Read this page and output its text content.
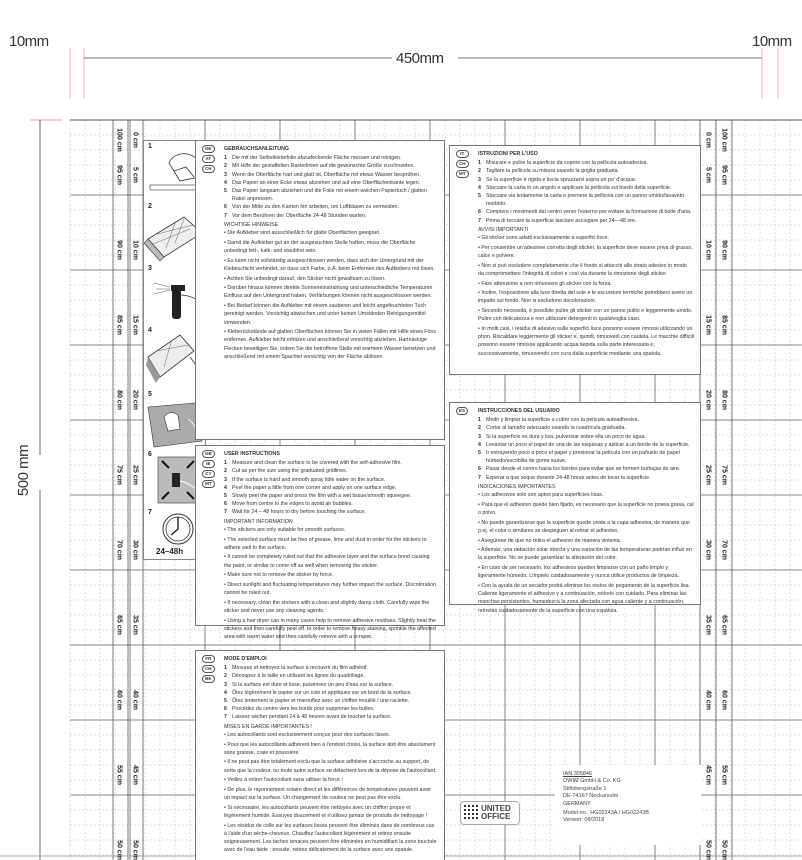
10mm
450mm
10mm
500 mm
100 cm
95 cm
90 cm
85 cm
80 cm
75 cm
70 cm
65 cm
60 cm
55 cm
50 cm
0 cm
5 cm
10 cm
15 cm
20 cm
25 cm
30 cm
35 cm
40 cm
45 cm
50 cm
0 cm
5 cm
10 cm
15 cm
20 cm
25 cm
30 cm
35 cm
40 cm
45 cm
50 cm
100 cm
95 cm
90 cm
85 cm
80 cm
75 cm
70 cm
65 cm
60 cm
55 cm
50 cm
1
2
3
4
5
6
7
24–48h
DE
AT
CH
GEBRAUCHSANLEITUNG
1 Die mit der Selbstklebefolie abzudeckende Fläche messen und reinigen.
2 Mit Hilfe der gestaffelten Rasterlinien auf die gewünschte Größe zuschneiden.
3 Wenn die Oberfläche hart und glatt ist, Oberfläche mit etwas Wasser besprühen.
4 Das Papier an einer Ecke etwas abziehen und auf eine Oberflächenkante legen.
5 Das Papier langsam abziehen und die Folie mit einem weichen Papiertuch / glatten Rakel anpressen.
6 Von der Mitte zu den Kanten hin arbeiten, um Luftblasen zu vermeiden.
7 Vor dem Berühren der Oberfläche 24-48 Stunden warten.
WICHTIGE HINWEISE

• Die Aufkleber sind ausschließlich für glatte Oberflächen geeignet.

• Damit die Aufkleber gut an der ausgesuchten Stelle haften, muss die Oberfläche unbedingt fett-, kalk- und staubfrei sein.

• Es kann nicht vollständig ausgeschlossen werden, dass sich der Untergrund mit der Klebeschicht verbindet, so dass sich Farbe, o.Ä. beim Entfernen des Aufklebers mit lösen.

• Achten Sie unbedingt darauf, den Sticker nicht gewaltsam zu lösen.

• Darüber hinaus können direkte Sonneneinstrahlung und unterschiedliche Temperaturen Einfluss auf den Untergrund haben. Verfärbungen können nicht ausgeschlossen werden.

• Bei Bedarf können die Aufkleber mit einem sauberen und leicht angefeuchteten Tuch gereinigt werden. Vorsichtig abwischen und unter keinen Umständen Reinigungsmittel verwenden.

• Kleberückstände auf glatten Oberflächen können Sie in vielen Fällen mit Hilfe eines Föns entfernen. Aufkleber leicht erhitzen und anschließend vorsichtig abziehen. Hartnäckige Flecken beseitigen Sie, indem Sie die betroffene Stelle mit warmem Wasser benetzen und anschließend mit einem Spachtel vorsichtig von der Fläche ablösen.

IT
CH
MT
ISTRUZIONI PER L'USO
1 Misurare e pulire la superficie da coprire con la pellicola autoadesiva.
2 Tagliare la pellicola su misura usando la griglia graduata.
3 Se la superficie è rigida e liscia spruzzarvi sopra un po' d'acqua.
4 Staccare la carta in un angolo e applicare la pellicola sul bordo della superficie.
5 Staccare via lentamente la carta e premere la pellicola con un panno umido/lavavetri morbido.
6 Compiere i movimenti dal centro verso l'esterno per evitare la formazione di bolle d'aria.
7 Prima di toccare la superficie lasciare asciugare per 24—48 ore.
AVVISI IMPORTANTI

• Gli sticker sono adatti esclusivamente a superfici lisce.

• Per consentire un'adesione corretta degli sticker, la superficie deve essere priva di grasso, calce e polvere.

• Non si può escludere completamente che il fondo si attacchi allo strato adesivo in modo da compromettere l'integrità di colori e così via durante la rimozione degli sticker.

• Fare attenzione a non rimuovere gli sticker con la forza.

• Inoltre, l'esposizione alla luce diretta del sole e le escursioni termiche potrebbero avere un impatto sul fondo. Non si escludono decolorazioni.

• Secondo necessità, è possibile pulire gli sticker con un panno pulito e leggermente umido. Pulire con delicatezza e non utilizzare detergenti in qualsivoglia caso.

• In molti casi, i residui di adesivo sulle superfici lisce possono essere rimossi utilizzando un phon. Riscaldare leggermente gli sticker e, quindi, rimuoverli con cautela. Le macchie difficili possono essere rimosse applicando acqua tiepida sulla parte interessata e, successivamente, rimuovendo con cura dalla superficie mediante una spatola.

GB
IE
CY
MT
USER INSTRUCTIONS
1 Measure and clean the surface to be covered with the self-adhesive film.
2 Cut as per the size using the graduated gridlines.
3 If the surface is hard and smooth spray little water on the surface.
4 Peel the paper a little from one corner and apply on one surface edge.
5 Slowly peel the paper and press the film with a wet tissue/smooth squeegee.
6 Move from centre to the edges to avoid air bubbles.
7 Wait for 24 – 48 hours to dry before touching the surface.
IMPORTANT INFORMATION

• The stickers are only suitable for smooth surfaces.

• The selected surface must be free of grease, lime and dust in order for the stickers to adhere well to the surface.

• It cannot be completely ruled out that the adhesive layer and the surface bond causing the paint, or similar to come off as well when removing the sticker.

• Make sure not to remove the sticker by force.

• Direct sunlight and fluctuating temperatures may further impact the surface. Discoloration cannot be ruled out.

• If necessary, clean the stickers with a clean and slightly damp cloth. Carefully wipe the sticker and never use any cleaning agents.

• Using a hair dryer can in many cases help to remove adhesive residues. Slightly heat the stickers and then carefully peel off. In order to remove heavy staining, sprinkle the affected area with warm water and then carefully remove with a scraper.

ES	INSTRUCCIONES DEL USUARIO
1 Medir y limpiar la superficie a cubrir con la película autoadhesiva.
2 Cortar al tamaño adecuado usando la cuadrícula graduada.
3 Si la superficie es dura y lisa, pulverizar sobre ella un poco de agua.
4 Levantar un poco el papel de una de las esquinas y aplicar a un borde de la superficie.
5 Ir extrayendo poco a poco el papel y presionar la película con un pañuelo de papel húmedo/escobilla de goma suave.
6 Pasar desde el centro hacia los bordes para evitar que se formen burbujas de aire.
7 Esperar a que seque durante 24-48 horas antes de tocar la superficie.
INDICACIONES IMPORTANTES

• Los adhesivos solo son aptos para superficies lisas.

• Para que el adhesivo quede bien fijado, es necesario que la superficie no posea grasa, cal o polvo.

• No puede garantizarse que la superficie quede unida a la capa adhesiva, de manera que p.ej. el color o similares se despeguen al retirar el adhesivo.

• Asegúrese de que no retira el adhesivo de manera violenta.

• Además, una radiación solar directa y una variación de las temperaturas podrían influir en la superficie. No se puede garantizar la alteración del color.

• En caso de ser necesario, los adhesivos pueden limpiarse con un paño limpio y ligeramente húmedo. Límpielo cuidadosamente y nunca utilice productos de limpieza.

• Con la ayuda de un secador podrá eliminar los restos de pegamento de la superficie lisa. Caliente ligeramente el adhesivo y a continuación, retírelo con cuidado. Para eliminar las manchas persistentes, humedezca la zona afectada con agua caliente y a continuación, retírelas cuidadosamente de la superficie con una espátula.

FR
CH
BE
MODE D'EMPLOI
1 Mesurez et nettoyez la surface à recouvrir du film adhésif.
2 Découpez à la taille en utilisant les lignes du quadrillage.
3 Si la surface est dure et lisse, pulvérisez un peu d'eau sur la surface.
4 Ôtez légèrement le papier sur un coin et appliquez sur un bord de la surface.
5 Ôtez lentement le papier et marouflez avec un chiffon mouillé / une raclette.
6 Procédez du centre vers les bords pour supprimer les bulles.
7 Laissez sécher pendant 24 à 48 heures avant de toucher la surface.
MISES EN GARDE IMPORTANTES !

• Les autocollants sont exclusivement conçus pour des surfaces lisses.

• Pour que les autocollants adhèrent bien à l'endroit choisi, la surface doit être absolument sans graisse, craie et poussière.

• Il ne peut pas être totalement exclu que la surface adhésive s'accroche au support, de sorte que la couleur, ou toute autre surface se détachent lors de la dépose de l'autocollant.

• Veillez à retirer l'autocollant sans utiliser la force !

• De plus, le rayonnement solaire direct et les différences de températures peuvent avoir un impact sur la surface. Un changement de couleur ne peut pas être exclu.

• Si nécessaire, les autocollants peuvent être nettoyés avec un chiffon propre et légèrement humide. Essuyez doucement et n'utilisez jamais de produits de nettoyage !

• Les résidus de colle sur les surfaces lisses peuvent être éliminés dans de nombreux cas à l'aide d'un sèche-cheveux. Chauffez l'autocollant légèrement et retirez ensuite soigneusement. Les taches tenaces peuvent être éliminées en humidifiant la zone touchée avec de l'eau tiède ; ensuite, retirez délicatement de la surface avec une spatule.

UNITED
OFFICE
IAN 305846
OWIM GmbH & Co. KG
Stiftsbergstraße 1
DE-74167 Neckarsulm
GERMANY
Model no.: HG02243A / HG02243B
Version: 08/2018
